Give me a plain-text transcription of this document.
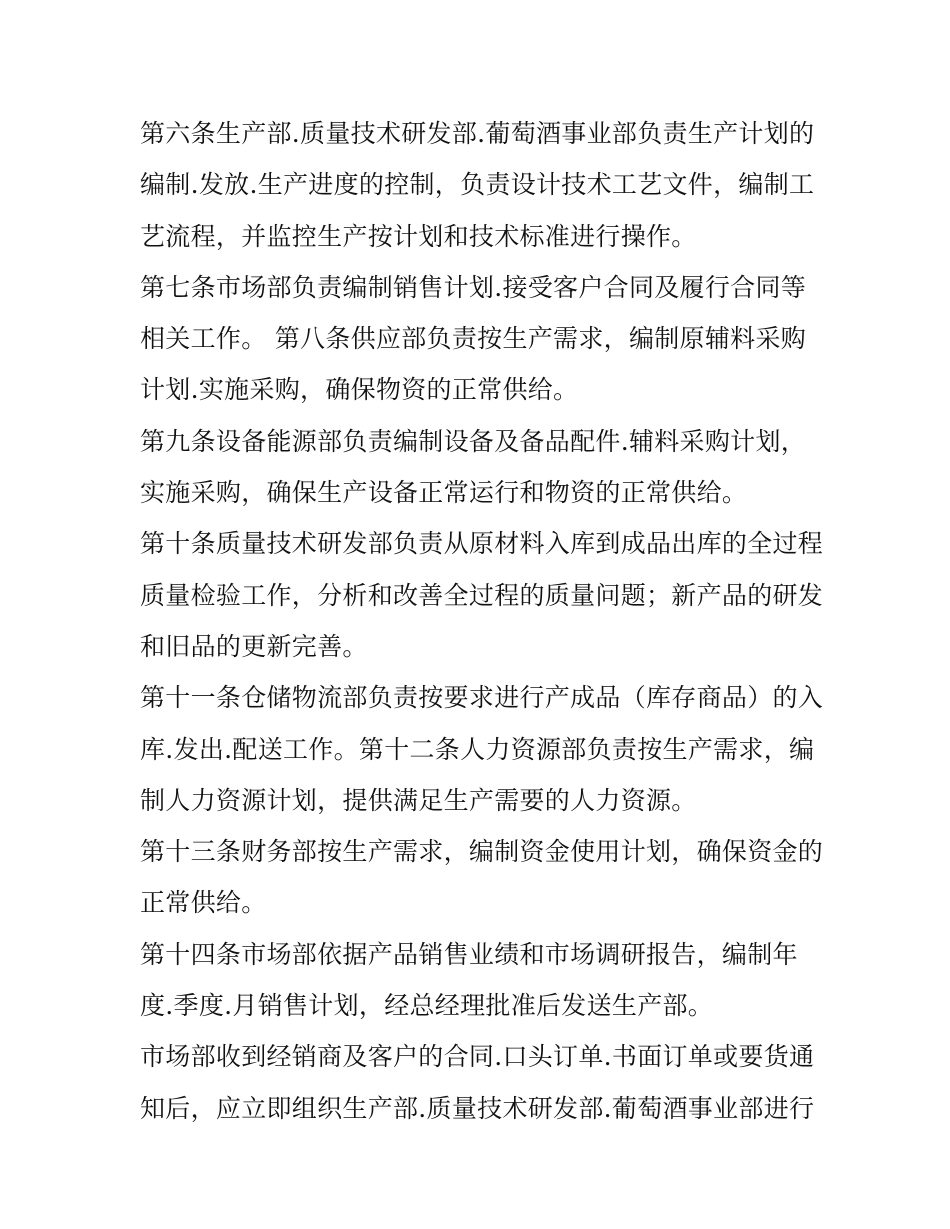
第六条生产部.质量技术研发部.葡萄酒事业部负责生产计划的
编制.发放.生产进度的控制，负责设计技术工艺文件，编制工
艺流程，并监控生产按计划和技术标准进行操作。
第七条市场部负责编制销售计划.接受客户合同及履行合同等
相关工作。 第八条供应部负责按生产需求，编制原辅料采购
计划.实施采购，确保物资的正常供给。
第九条设备能源部负责编制设备及备品配件.辅料采购计划，
实施采购，确保生产设备正常运行和物资的正常供给。
第十条质量技术研发部负责从原材料入库到成品出库的全过程
质量检验工作，分析和改善全过程的质量问题；新产品的研发
和旧品的更新完善。
第十一条仓储物流部负责按要求进行产成品（库存商品）的入
库.发出.配送工作。第十二条人力资源部负责按生产需求，编
制人力资源计划，提供满足生产需要的人力资源。
第十三条财务部按生产需求，编制资金使用计划，确保资金的
正常供给。
第十四条市场部依据产品销售业绩和市场调研报告，编制年
度.季度.月销售计划，经总经理批准后发送生产部。
市场部收到经销商及客户的合同.口头订单.书面订单或要货通
知后，应立即组织生产部.质量技术研发部.葡萄酒事业部进行
